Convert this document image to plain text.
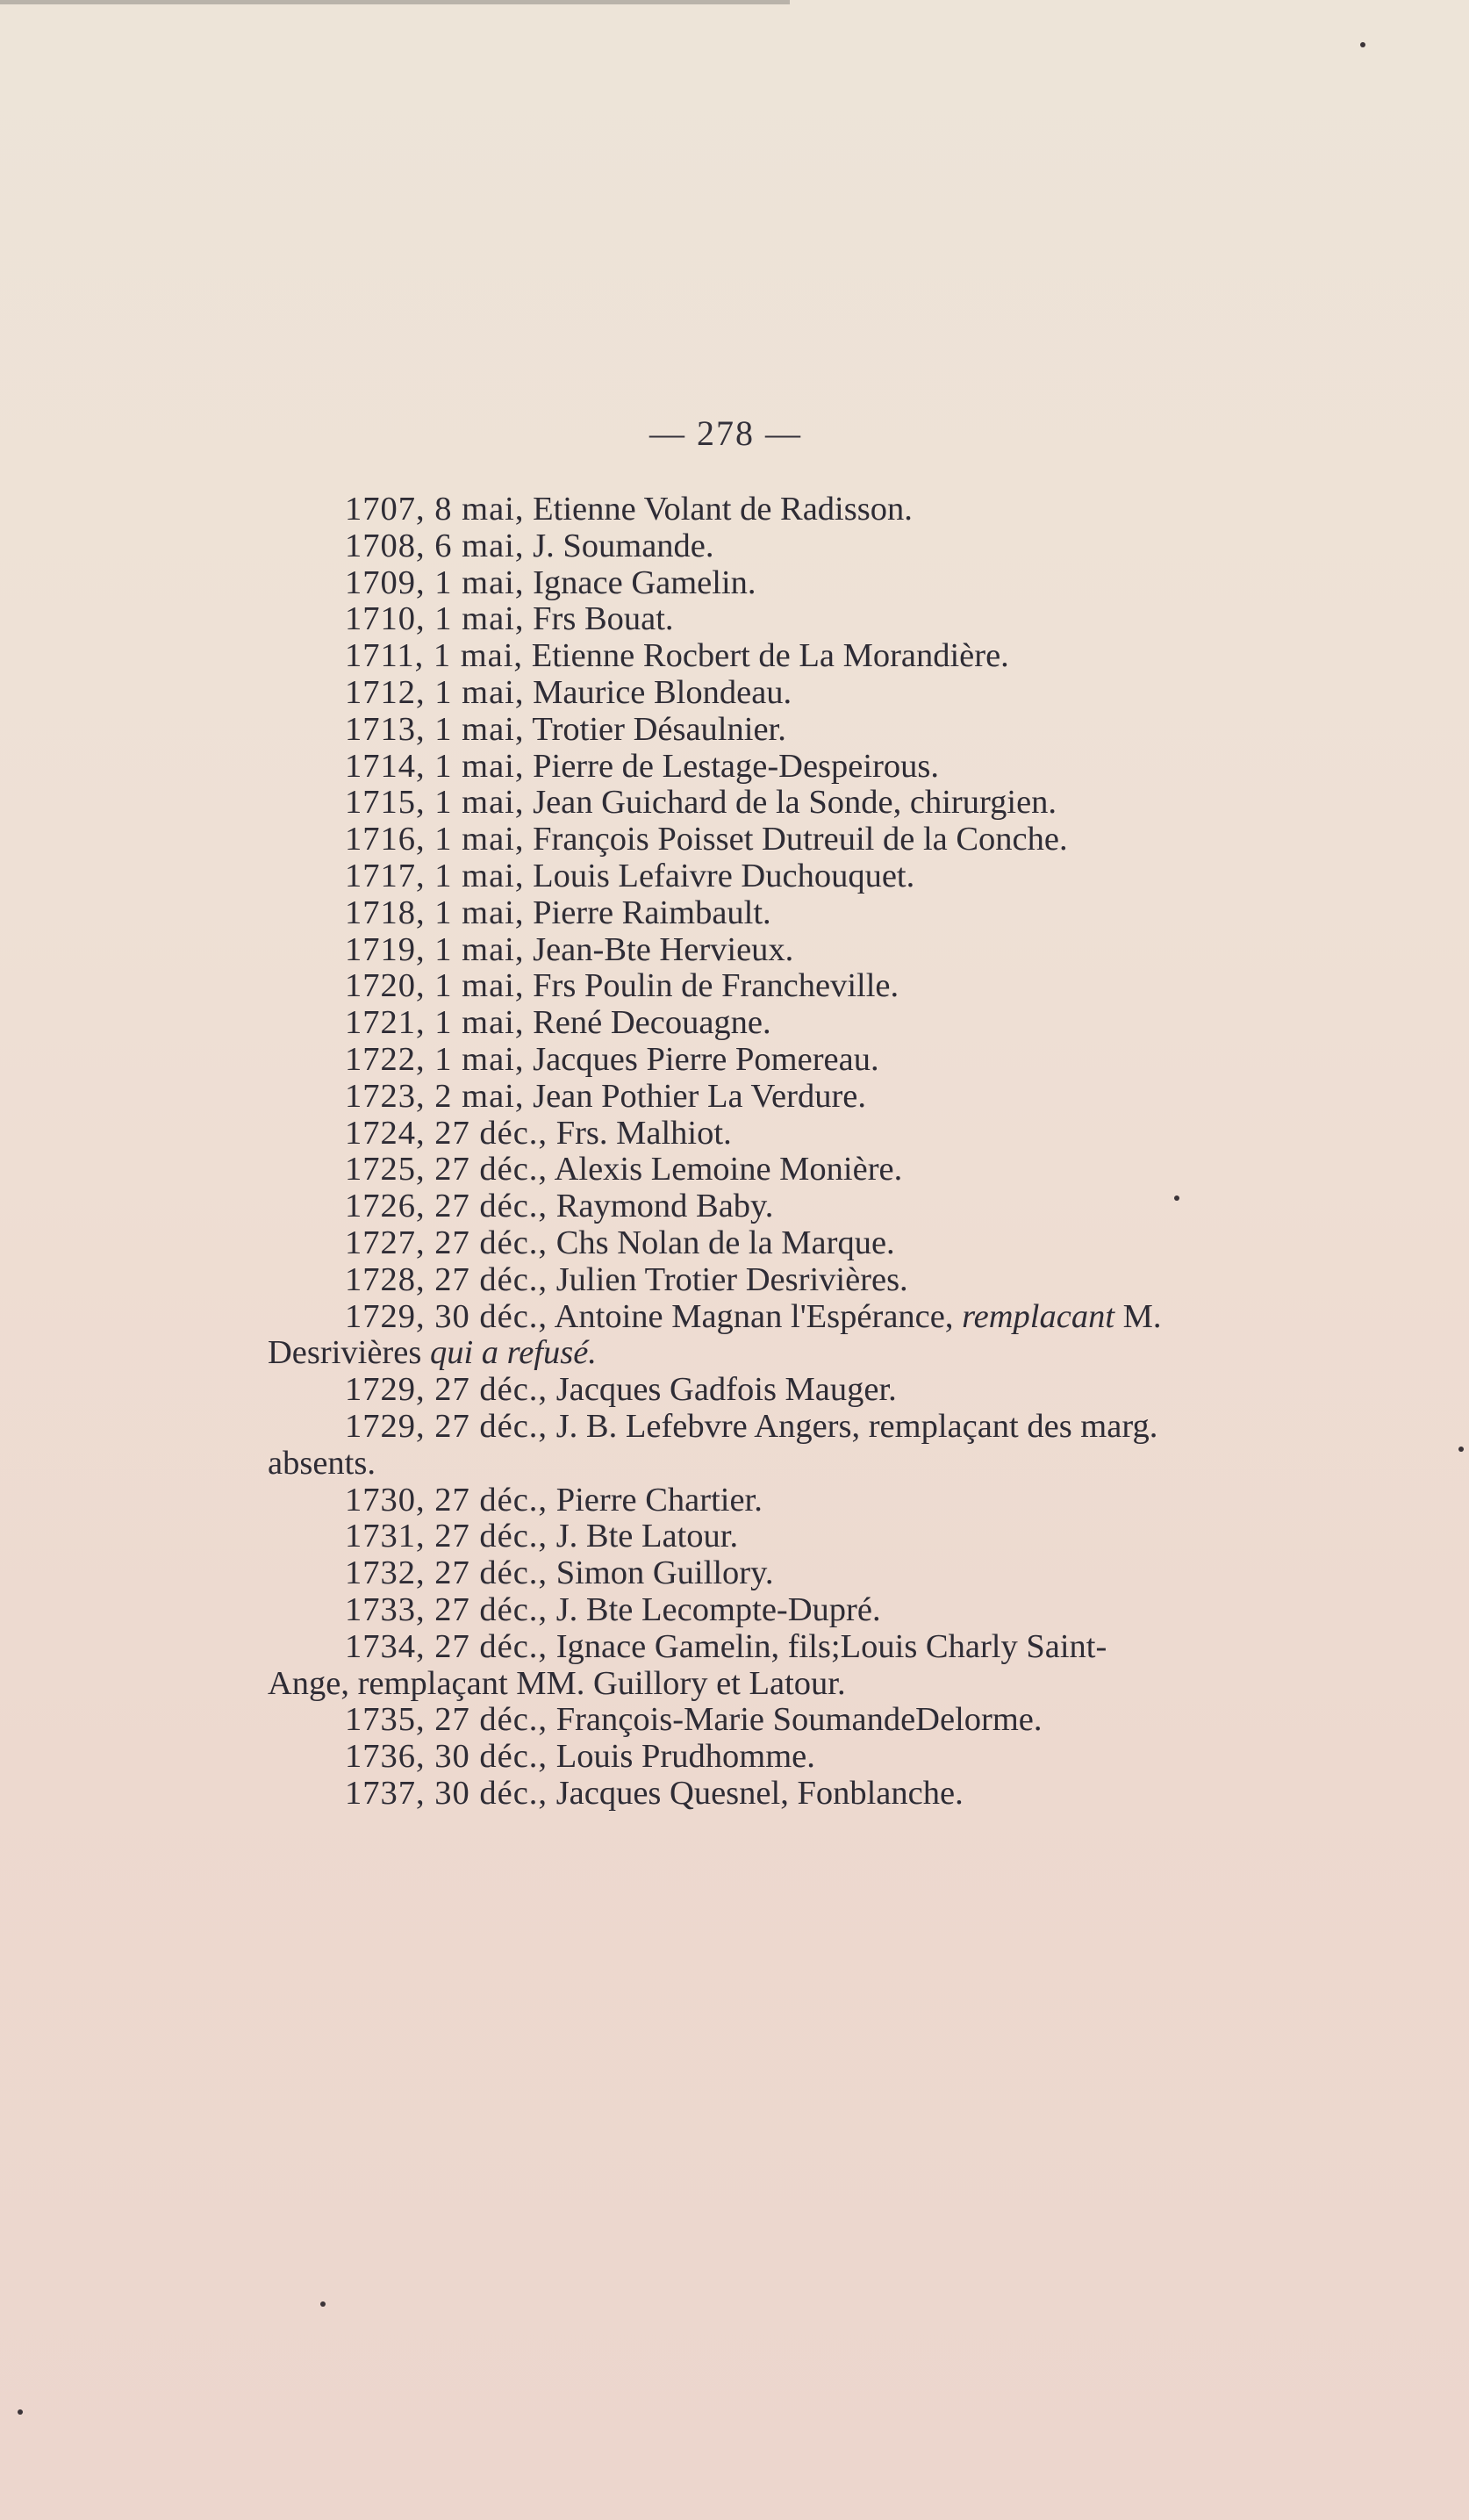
— 278 —
1707, 8 mai, Etienne Volant de Radisson.
1708, 6 mai, J. Soumande.
1709, 1 mai, Ignace Gamelin.
1710, 1 mai, Frs Bouat.
1711, 1 mai, Etienne Rocbert de La Morandière.
1712, 1 mai, Maurice Blondeau.
1713, 1 mai, Trotier Désaulnier.
1714, 1 mai, Pierre de Lestage-Despeirous.
1715, 1 mai, Jean Guichard de la Sonde, chirurgien.
1716, 1 mai, François Poisset Dutreuil de la Conche.
1717, 1 mai, Louis Lefaivre Duchouquet.
1718, 1 mai, Pierre Raimbault.
1719, 1 mai, Jean-Bte Hervieux.
1720, 1 mai, Frs Poulin de Francheville.
1721, 1 mai, René Decouagne.
1722, 1 mai, Jacques Pierre Pomereau.
1723, 2 mai, Jean Pothier La Verdure.
1724, 27 déc., Frs. Malhiot.
1725, 27 déc., Alexis Lemoine Monière.
1726, 27 déc., Raymond Baby.
1727, 27 déc., Chs Nolan de la Marque.
1728, 27 déc., Julien Trotier Desrivières.
1729, 30 déc., Antoine Magnan l'Espérance, remplacant M. Desrivières qui a refusé.
1729, 27 déc., Jacques Gadfois Mauger.
1729, 27 déc., J. B. Lefebvre Angers, remplaçant des marg. absents.
1730, 27 déc., Pierre Chartier.
1731, 27 déc., J. Bte Latour.
1732, 27 déc., Simon Guillory.
1733, 27 déc., J. Bte Lecompte-Dupré.
1734, 27 déc., Ignace Gamelin, fils;Louis Charly Saint-Ange, remplaçant MM. Guillory et Latour.
1735, 27 déc., François-Marie SoumandeDelorme.
1736, 30 déc., Louis Prudhomme.
1737, 30 déc., Jacques Quesnel, Fonblanche.
